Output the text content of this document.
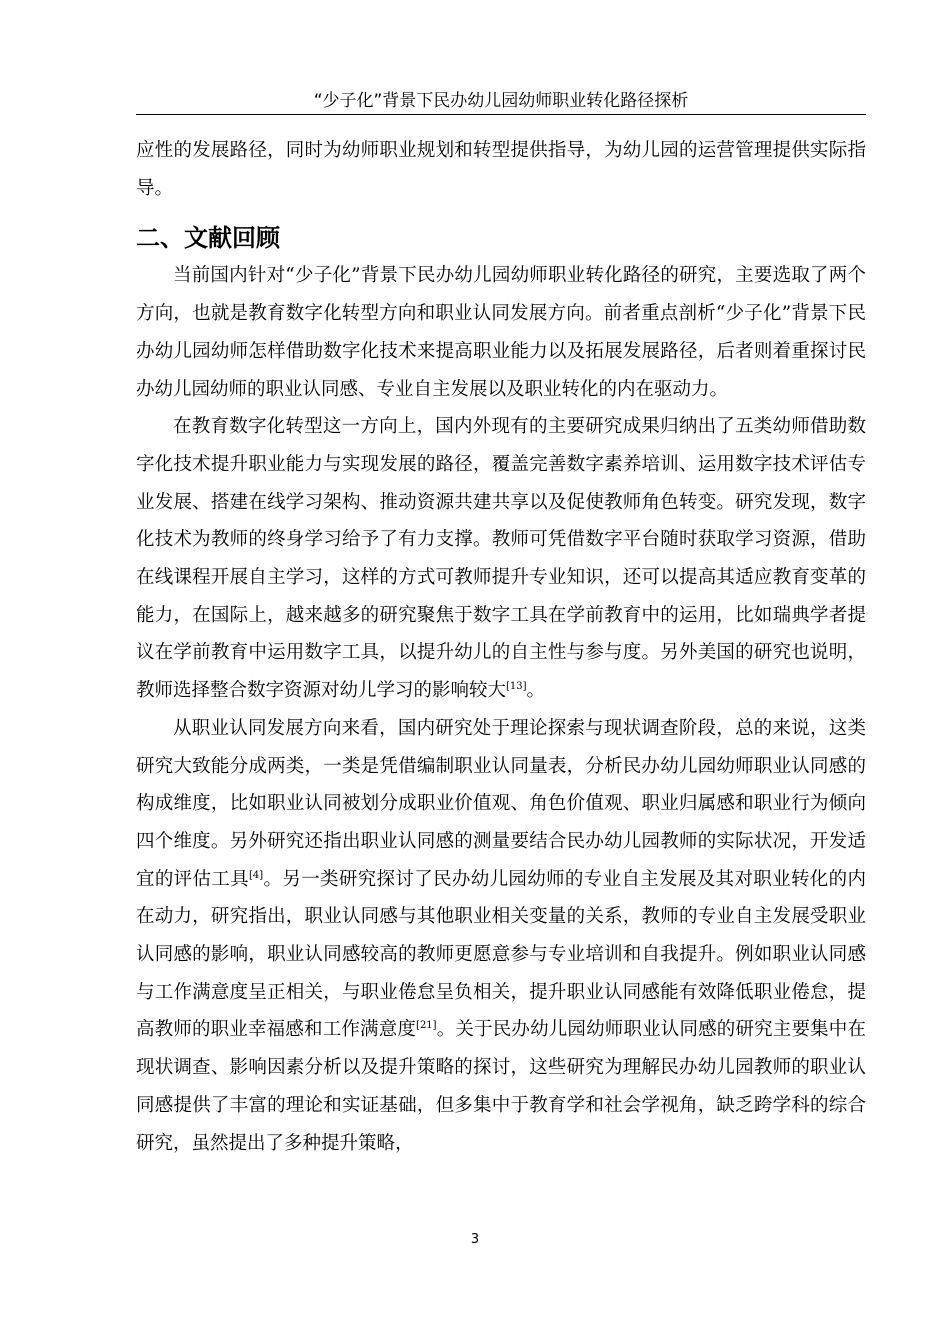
“少子化”背景下民办幼儿园幼师职业转化路径探析

应性的发展路径，同时为幼师职业规划和转型提供指导，为幼儿园的运营管理提供实际指导。

二、文献回顾

当前国内针对“少子化”背景下民办幼儿园幼师职业转化路径的研究，主要选取了两个方向，也就是教育数字化转型方向和职业认同发展方向。前者重点剖析“少子化”背景下民办幼儿园幼师怎样借助数字化技术来提高职业能力以及拓展发展路径，后者则着重探讨民办幼儿园幼师的职业认同感、专业自主发展以及职业转化的内在驱动力。

在教育数字化转型这一方向上，国内外现有的主要研究成果归纳出了五类幼师借助数字化技术提升职业能力与实现发展的路径，覆盖完善数字素养培训、运用数字技术评估专业发展、搭建在线学习架构、推动资源共建共享以及促使教师角色转变。研究发现，数字化技术为教师的终身学习给予了有力支撑。教师可凭借数字平台随时获取学习资源，借助在线课程开展自主学习，这样的方式可教师提升专业知识，还可以提高其适应教育变革的能力，在国际上，越来越多的研究聚焦于数字工具在学前教育中的运用，比如瑞典学者提议在学前教育中运用数字工具，以提升幼儿的自主性与参与度。另外美国的研究也说明，教师选择整合数字资源对幼儿学习的影响较大[13]。

从职业认同发展方向来看，国内研究处于理论探索与现状调查阶段，总的来说，这类研究大致能分成两类，一类是凭借编制职业认同量表，分析民办幼儿园幼师职业认同感的构成维度，比如职业认同被划分成职业价值观、角色价值观、职业归属感和职业行为倾向四个维度。另外研究还指出职业认同感的测量要结合民办幼儿园教师的实际状况，开发适宜的评估工具[4]。另一类研究探讨了民办幼儿园幼师的专业自主发展及其对职业转化的内在动力，研究指出，职业认同感与其他职业相关变量的关系，教师的专业自主发展受职业认同感的影响，职业认同感较高的教师更愿意参与专业培训和自我提升。例如职业认同感与工作满意度呈正相关，与职业倦怠呈负相关，提升职业认同感能有效降低职业倦怠，提高教师的职业幸福感和工作满意度[21]。关于民办幼儿园幼师职业认同感的研究主要集中在现状调查、影响因素分析以及提升策略的探讨，这些研究为理解民办幼儿园教师的职业认同感提供了丰富的理论和实证基础，但多集中于教育学和社会学视角，缺乏跨学科的综合研究，虽然提出了多种提升策略，

3
